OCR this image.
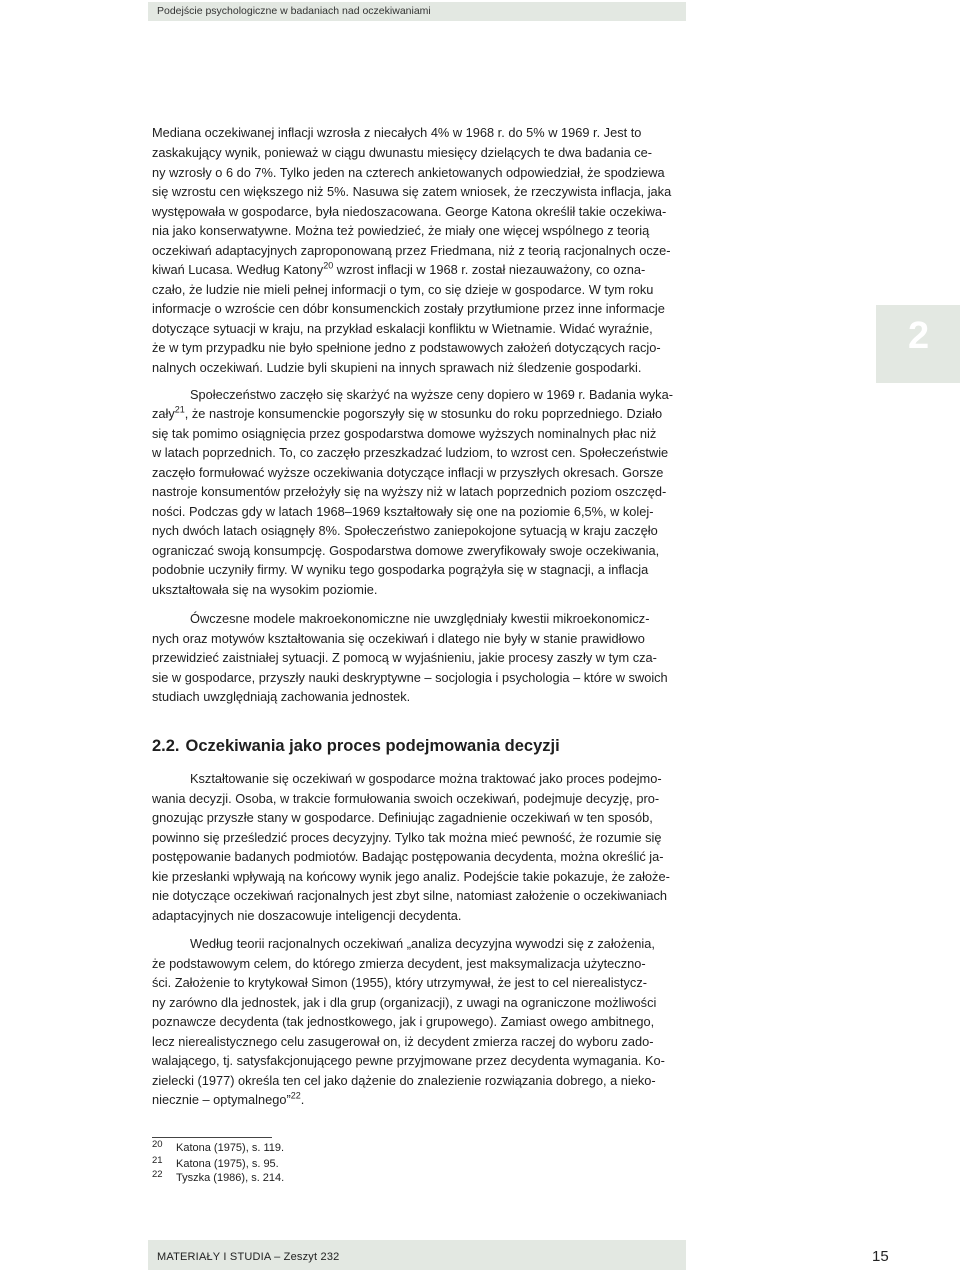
Podejście psychologiczne w badaniach nad oczekiwaniami
2

Mediana oczekiwanej inflacji wzrosła z niecałych 4% w 1968 r. do 5% w 1969 r. Jest to

zaskakujący wynik, ponieważ w ciągu dwunastu miesięcy dzielących te dwa badania ce-

ny wzrosły o 6 do 7%. Tylko jeden na czterech ankietowanych odpowiedział, że spodziewa

się wzrostu cen większego niż 5%. Nasuwa się zatem wniosek, że rzeczywista inflacja, jaka

występowała w gospodarce, była niedoszacowana. George Katona określił takie oczekiwa-

nia jako konserwatywne. Można też powiedzieć, że miały one więcej wspólnego z teorią

oczekiwań adaptacyjnych zaproponowaną przez Friedmana, niż z teorią racjonalnych ocze-

kiwań Lucasa. Według Katony$^{20}$ wzrost inflacji w 1968 r. został niezauważony, co ozna-

czało, że ludzie nie mieli pełnej informacji o tym, co się dzieje w gospodarce. W tym roku

informacje o wzroście cen dóbr konsumenckich zostały przytłumione przez inne informacje

dotyczące sytuacji w kraju, na przykład eskalacji konfliktu w Wietnamie. Widać wyraźnie,

że w tym przypadku nie było spełnione jedno z podstawowych założeń dotyczących racjo-

nalnych oczekiwań. Ludzie byli skupieni na innych sprawach niż śledzenie gospodarki.

Społeczeństwo zaczęło się skarżyć na wyższe ceny dopiero w 1969 r. Badania wyka-

zały$^{21}$, że nastroje konsumenckie pogorszyły się w stosunku do roku poprzedniego. Działo

się tak pomimo osiągnięcia przez gospodarstwa domowe wyższych nominalnych płac niż

w latach poprzednich. To, co zaczęło przeszkadzać ludziom, to wzrost cen. Społeczeństwie

zaczęło formułować wyższe oczekiwania dotyczące inflacji w przyszłych okresach. Gorsze

nastroje konsumentów przełożyły się na wyższy niż w latach poprzednich poziom oszczęd-

ności. Podczas gdy w latach 1968–1969 kształtowały się one na poziomie 6,5%, w kolej-

nych dwóch latach osiągnęły 8%. Społeczeństwo zaniepokojone sytuacją w kraju zaczęło

ograniczać swoją konsumpcję. Gospodarstwa domowe zweryfikowały swoje oczekiwania,

podobnie uczyniły firmy. W wyniku tego gospodarka pogrążyła się w stagnacji, a inflacja

ukształtowała się na wysokim poziomie.

Ówczesne modele makroekonomiczne nie uwzględniały kwestii mikroekonomicz-

nych oraz motywów kształtowania się oczekiwań i dlatego nie były w stanie prawidłowo

przewidzieć zaistniałej sytuacji. Z pomocą w wyjaśnieniu, jakie procesy zaszły w tym cza-

sie w gospodarce, przyszły nauki deskryptywne – socjologia i psychologia – które w swoich

studiach uwzględniają zachowania jednostek.

2.2. Oczekiwania jako proces podejmowania decyzji

Kształtowanie się oczekiwań w gospodarce można traktować jako proces podejmo-

wania decyzji. Osoba, w trakcie formułowania swoich oczekiwań, podejmuje decyzję, pro-

gnozując przyszłe stany w gospodarce. Definiując zagadnienie oczekiwań w ten sposób,

powinno się prześledzić proces decyzyjny. Tylko tak można mieć pewność, że rozumie się

postępowanie badanych podmiotów. Badając postępowania decydenta, można określić ja-

kie przesłanki wpływają na końcowy wynik jego analiz. Podejście takie pokazuje, że założe-

nie dotyczące oczekiwań racjonalnych jest zbyt silne, natomiast założenie o oczekiwaniach

adaptacyjnych nie doszacowuje inteligencji decydenta.

Według teorii racjonalnych oczekiwań „analiza decyzyjna wywodzi się z założenia,

że podstawowym celem, do którego zmierza decydent, jest maksymalizacja użyteczno-

ści. Założenie to krytykował Simon (1955), który utrzymywał, że jest to cel nierealistycz-

ny zarówno dla jednostek, jak i dla grup (organizacji), z uwagi na ograniczone możliwości

poznawcze decydenta (tak jednostkowego, jak i grupowego). Zamiast owego ambitnego,

lecz nierealistycznego celu zasugerował on, iż decydent zmierza raczej do wyboru zado-

walającego, tj. satysfakcjonującego pewne przyjmowane przez decydenta wymagania. Ko-

zielecki (1977) określa ten cel jako dążenie do znalezienie rozwiązania dobrego, a nieko-

niecznie – optymalnego”$^{22}$.

20 Katona (1975), s. 119.
21 Katona (1975), s. 95.
22 Tyszka (1986), s. 214.
MATERIAŁY I STUDIA – Zeszyt 232	15
